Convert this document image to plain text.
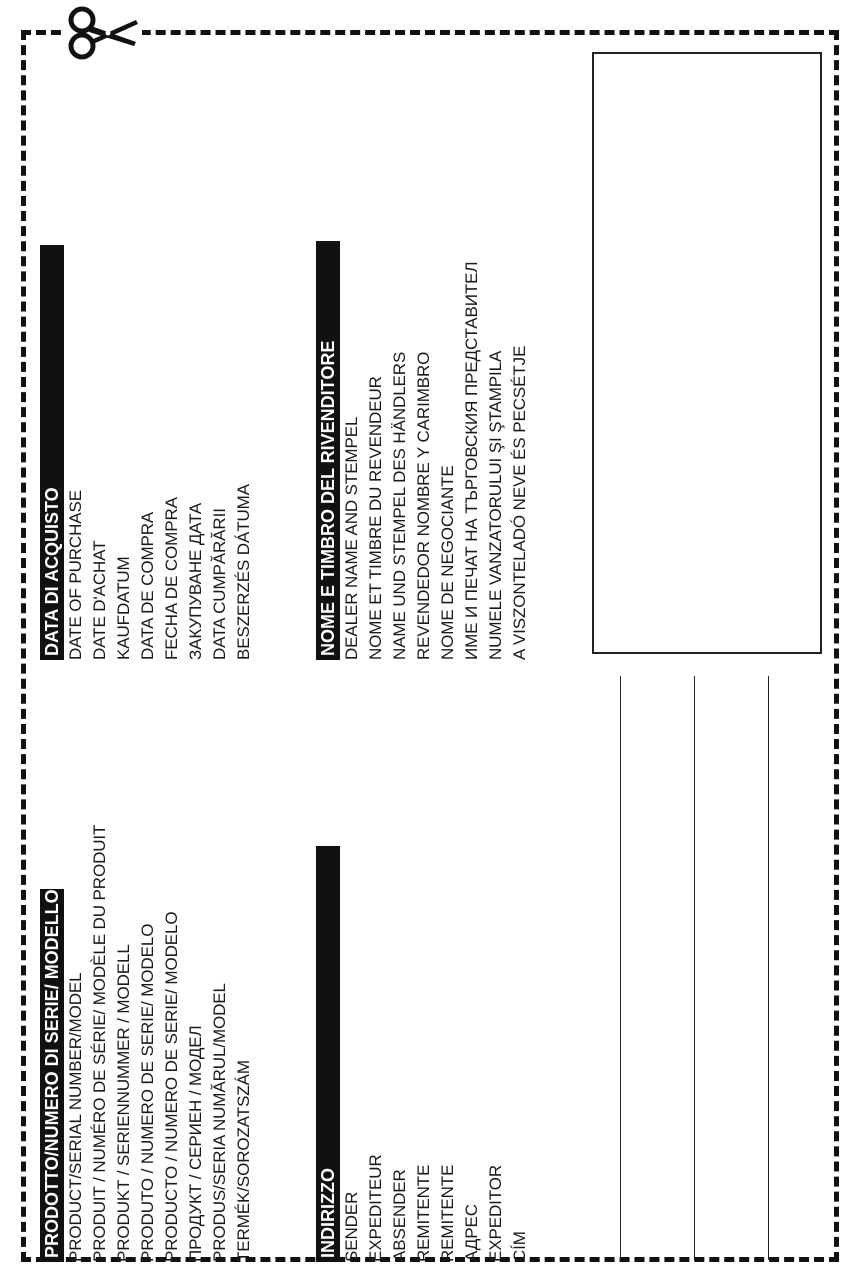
PRODOTTO/NUMERO DI SERIE/ MODELLO PRODUCT/SERIAL NUMBER/MODEL PRODUIT / NUMÉRO DE SÉRIE/ MODÈLE DU PRODUIT PRODUKT / SERIENNUMMER / MODELL PRODUTO / NUMERO DE SERIE/ MODELO PRODUCTO / NUMERO DE SERIE/ MODELO ПРОДУКТ / СЕРИЕН / МОДЕЛ PRODUS/SERIA NUMĂRUL/MODEL TERMÉK/SOROZATSZÁM
DATA DI ACQUISTO DATE OF PURCHASE DATE D'ACHAT KAUFDATUM DATA DE COMPRA FECHA DE COMPRA ЗАКУПУВАНЕ ДАТА DATA CUMPĂRĂRII BESZERZÉS DÁTUMA
INDIRIZZO SENDER EXPEDITEUR ABSENDER REMITENTE REMITENTE АДРЕС EXPEDITOR CÍM
NOME E TIMBRO DEL RIVENDITORE DEALER NAME AND STEMPEL NOME ET TIMBRE DU REVENDEUR NAME UND STEMPEL DES HÄNDLERS REVENDEDOR NOMBRE Y CARIMBRO NOME DE NEGOCIANTE ИМЕ И ПЕЧАТ НА ТЪРГОВСКИЯ ПРЕДСТАВИТЕЛ NUMELE VANZATORULUI ŞI ŞTAMPILA A VISZONTELADÓ NEVE ÉS PECSÉTJE
